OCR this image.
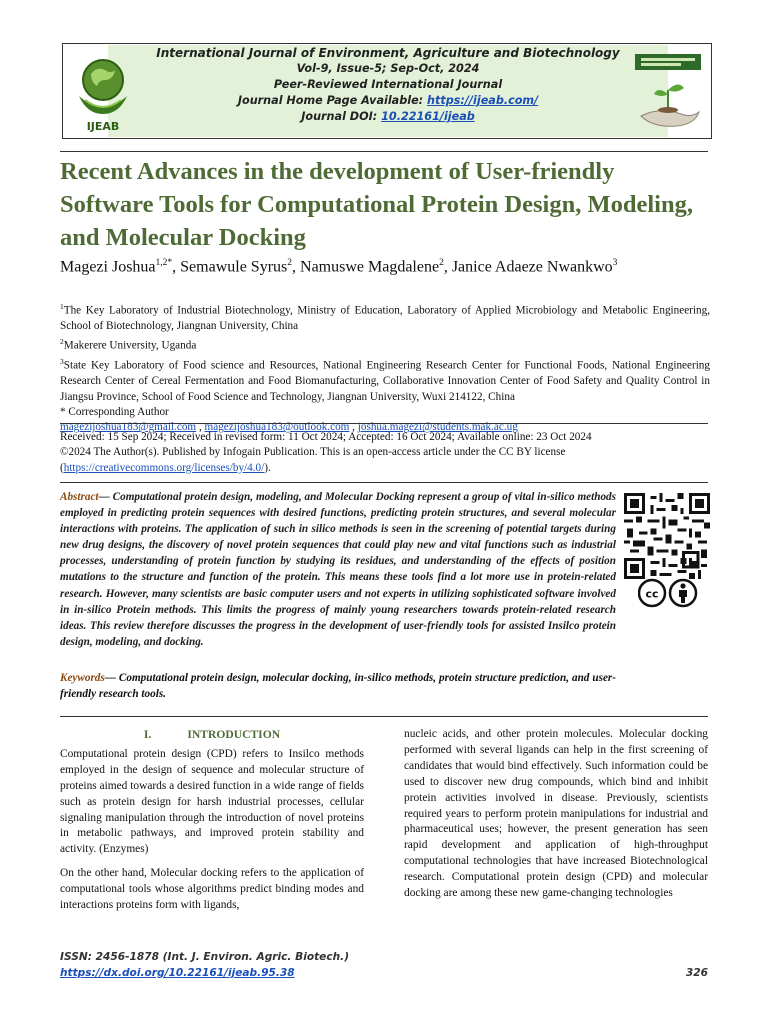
International Journal of Environment, Agriculture and Biotechnology
Vol-9, Issue-5; Sep-Oct, 2024
Peer-Reviewed International Journal
Journal Home Page Available: https://ijeab.com/
Journal DOI: 10.22161/ijeab
IJEAB
Recent Advances in the development of User-friendly Software Tools for Computational Protein Design, Modeling, and Molecular Docking
Magezi Joshua$^{1,2*}$, Semawule Syrus$^2$, Namuswe Magdalene$^2$, Janice Adaeze Nwankwo$^3$

$^1$The Key Laboratory of Industrial Biotechnology, Ministry of Education, Laboratory of Applied Microbiology and Metabolic Engineering, School of Biotechnology, Jiangnan University, China

$^2$Makerere University, Uganda

$^3$State Key Laboratory of Food science and Resources, National Engineering Research Center for Functional Foods, National Engineering Research Center of Cereal Fermentation and Food Biomanufacturing, Collaborative Innovation Center of Food Safety and Quality Control in Jiangsu Province, School of Food Science and Technology, Jiangnan University, Wuxi 214122, China

* Corresponding Author

magezijoshua183@gmail.com , magezijoshua183@outlook.com , joshua.magezi@students.mak.ac.ug

Received: 15 Sep 2024; Received in revised form: 11 Oct 2024; Accepted: 16 Oct 2024; Available online: 23 Oct 2024

©2024 The Author(s). Published by Infogain Publication. This is an open-access article under the CC BY license

(https://creativecommons.org/licenses/by/4.0/).

Abstract— Computational protein design, modeling, and Molecular Docking represent a group of vital in-silico methods employed in predicting protein sequences with desired functions, predicting protein structures, and several molecular interactions with proteins. The application of such in silico methods is seen in the screening of potential targets during new drug designs, the discovery of novel protein sequences that could play new and vital functions such as industrial processes, understanding of protein function by studying its residues, and understanding of the effects of position mutations to the structure and function of the protein. This means these tools find a lot more use in protein-related research. However, many scientists are basic computer users and not experts in utilizing sophisticated software involved in in-silico Protein methods. This limits the progress of mainly young researchers towards protein-related research ideas. This review therefore discusses the progress in the development of user-friendly tools for assisted Insilco protein design, modeling, and docking.

Keywords— Computational protein design, molecular docking, in-silico methods, protein structure prediction, and user-friendly research tools.
cc

I.	INTRODUCTION

Computational protein design (CPD) refers to Insilco methods employed in the design of sequence and molecular structure of proteins aimed towards a desired function in a wide range of fields such as protein design for harsh industrial processes, cellular signaling manipulation through the introduction of novel proteins in metabolic pathways, and improved protein stability and activity. (Enzymes)

On the other hand, Molecular docking refers to the application of computational tools whose algorithms predict binding modes and interactions proteins form with ligands,

nucleic acids, and other protein molecules. Molecular docking performed with several ligands can help in the first screening of candidates that would bind effectively. Such information could be used to discover new drug compounds, which bind and inhibit protein activities involved in disease. Previously, scientists required years to perform protein manipulations for industrial and pharmaceutical uses; however, the present generation has seen rapid development and application of high-throughput computational technologies that have increased Biotechnological research. Computational protein design (CPD) and molecular docking are among these new game-changing technologies

ISSN: 2456-1878 (Int. J. Environ. Agric. Biotech.)
https://dx.doi.org/10.22161/ijeab.95.38	326
